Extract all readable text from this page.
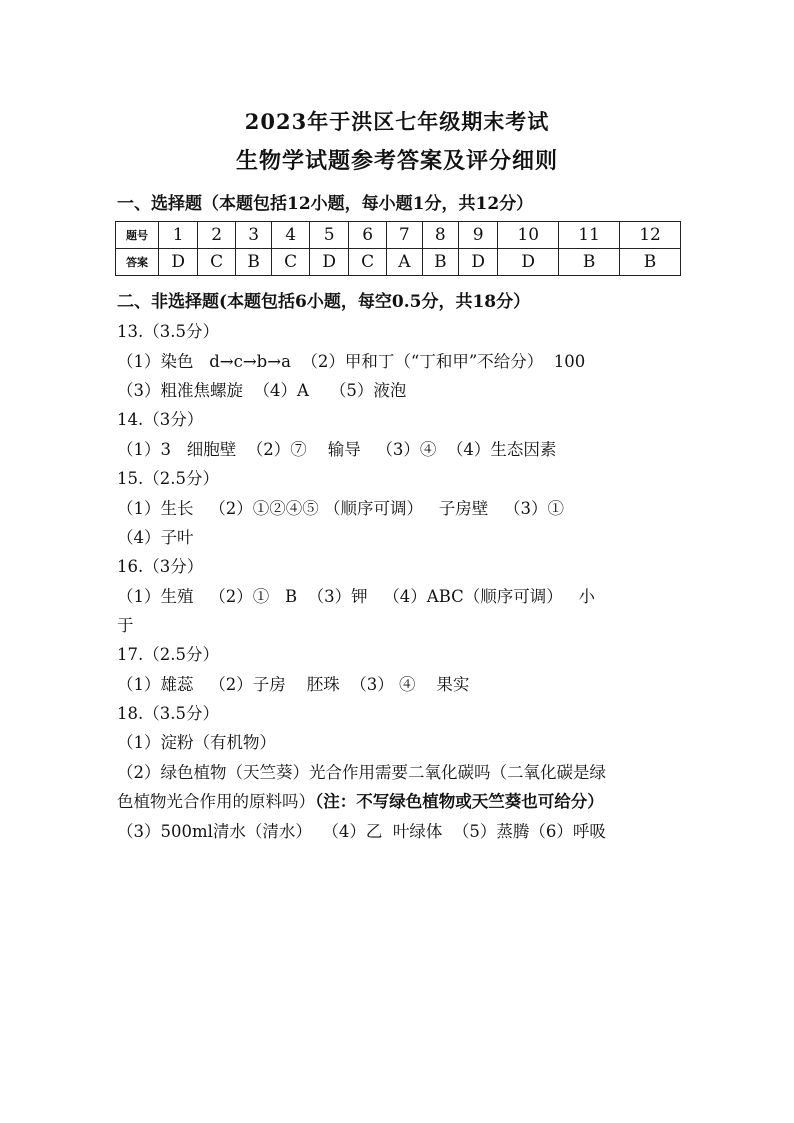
2023年于洪区七年级期末考试
生物学试题参考答案及评分细则
一、选择题（本题包括12小题，每小题1分，共12分）
题号	1	2	3	4	5	6	7	8	9	10	11	12
答案	D	C	B	C	D	C	A	B	D	D	B	B
二、非选择题(本题包括6小题，每空0.5分，共18分）
13.（3.5分）
（1）染色   d→c→b→a  （2）甲和丁（“丁和甲”不给分）  100
（3）粗准焦螺旋  （4）A    （5）液泡
14.（3分）
（1）3   细胞壁  （2）⑦    输导   （3）④  （4）生态因素
15.（2.5分）
（1）生长   （2）①②④⑤ （顺序可调）   子房壁   （3）①
（4）子叶
16.（3分）
（1）生殖   （2）①   B  （3）钾   （4）ABC（顺序可调）   小
于
17.（2.5分）
（1）雄蕊   （2）子房    胚珠  （3） ④    果实
18.（3.5分）
（1）淀粉（有机物）
（2）绿色植物（天竺葵）光合作用需要二氧化碳吗（二氧化碳是绿
色植物光合作用的原料吗）（注：不写绿色植物或天竺葵也可给分）
（3）500ml清水（清水）  （4）乙  叶绿体  （5）蒸腾（6）呼吸
